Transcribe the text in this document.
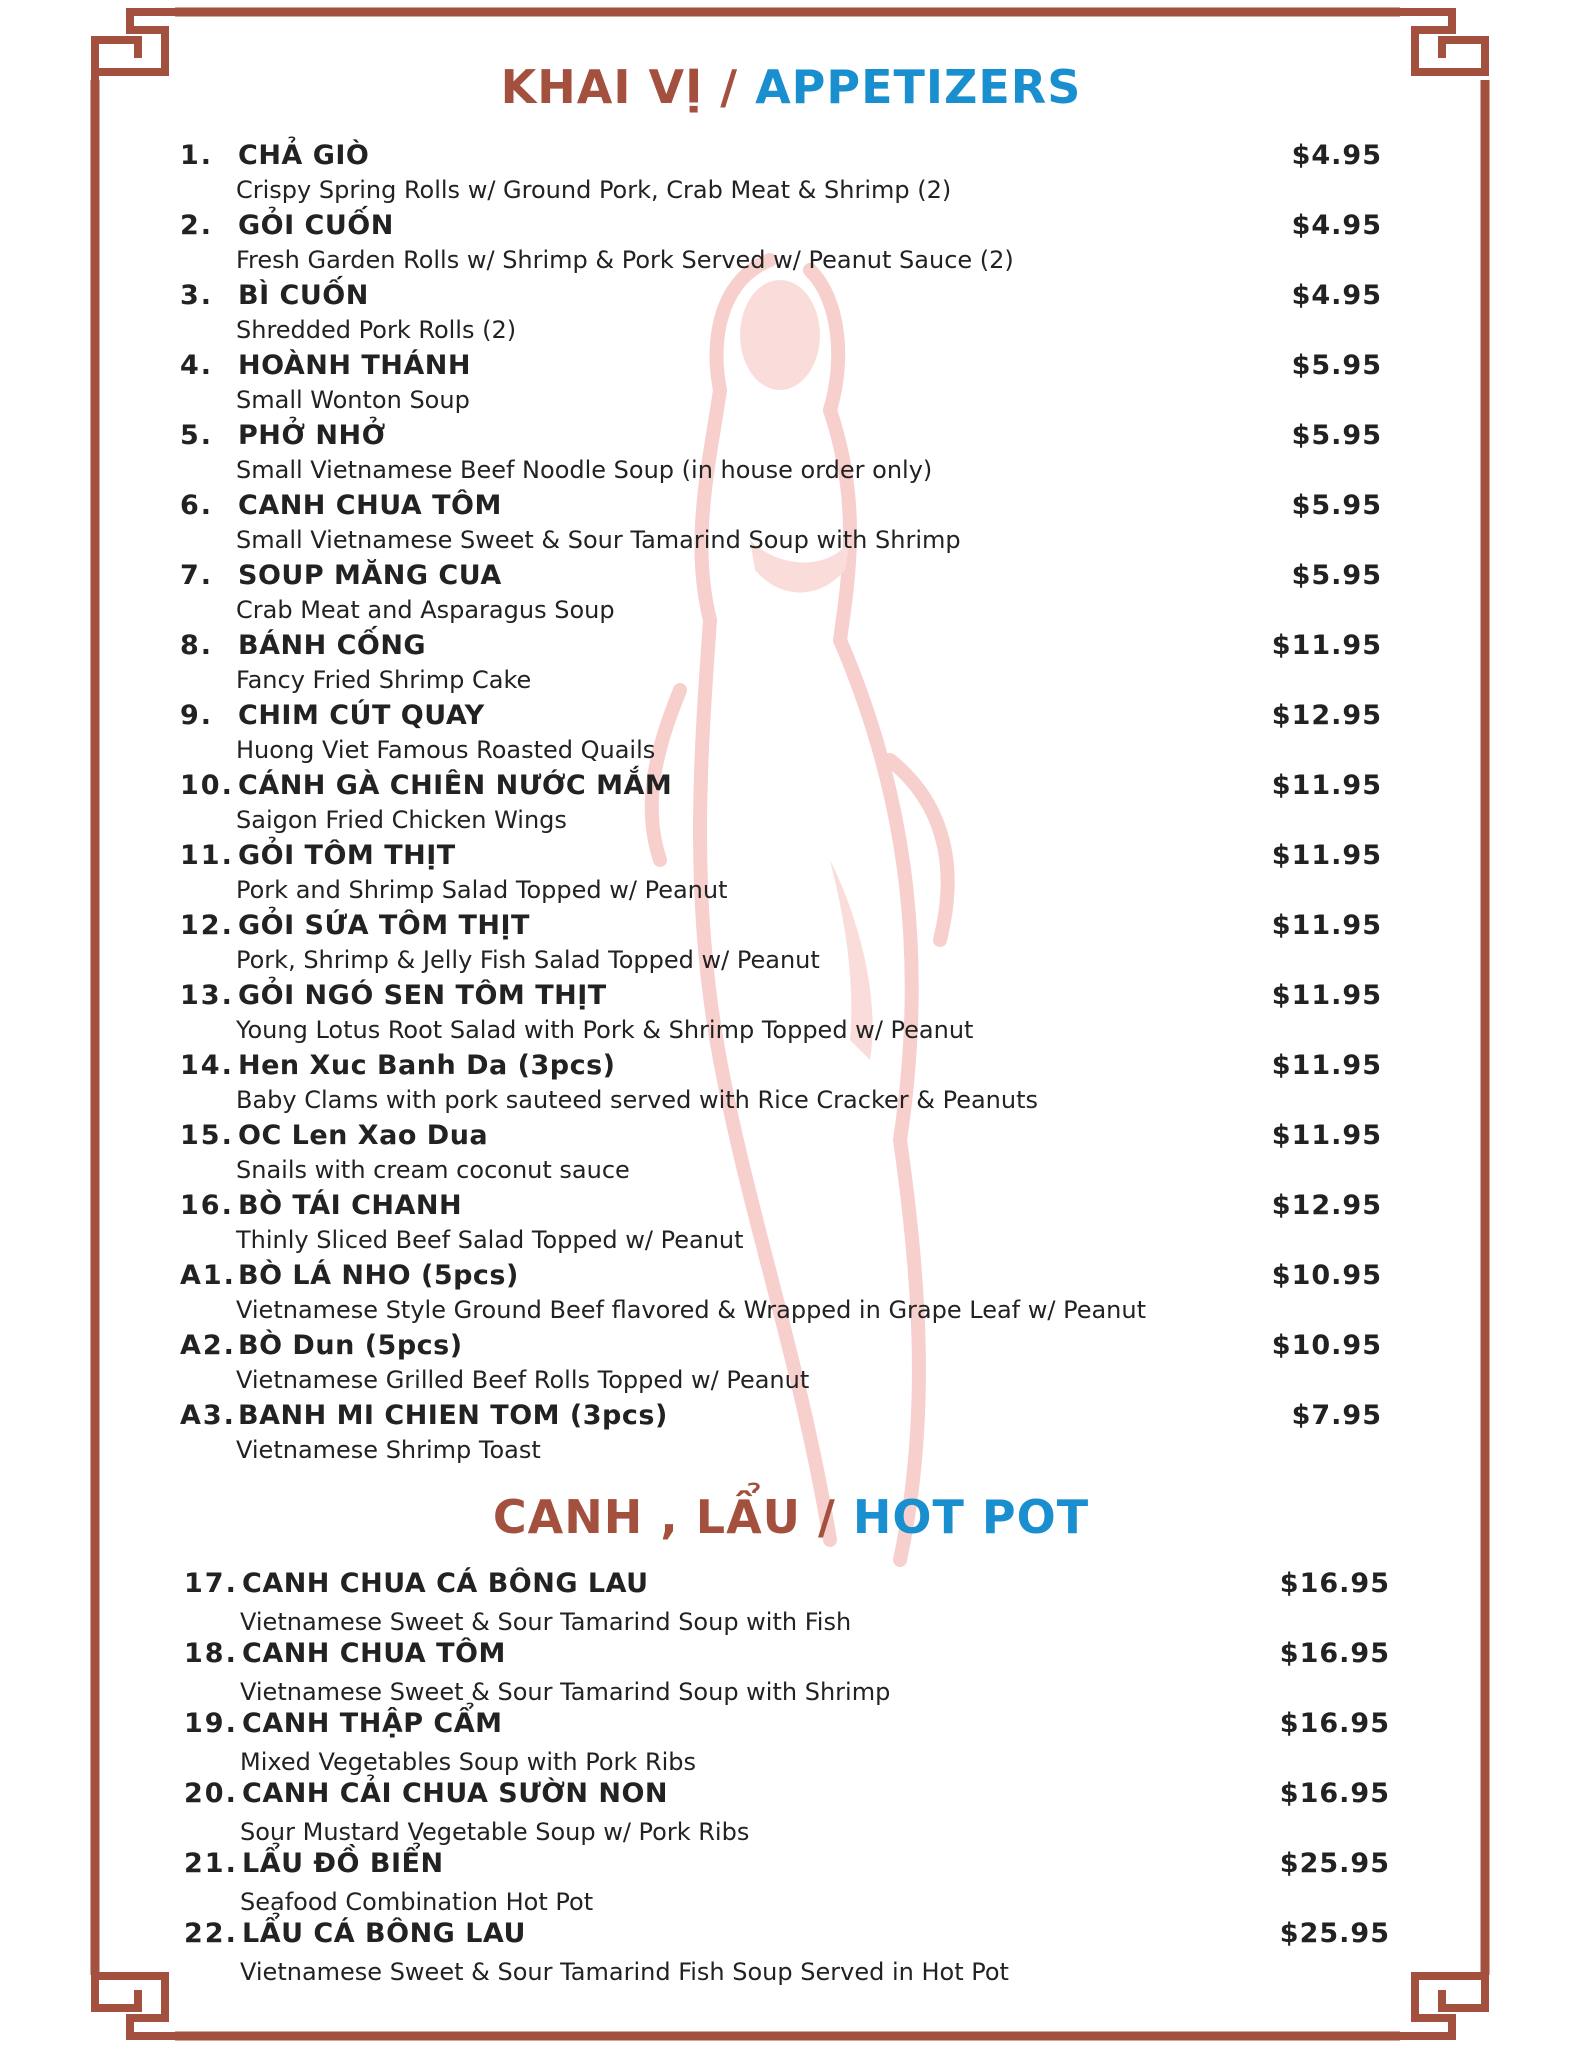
KHAI VỊ / APPETIZERS
1. CHẢ GIÒ
Crispy Spring Rolls w/ Ground Pork, Crab Meat & Shrimp (2)
$4.95
2. GỎI CUỐN
Fresh Garden Rolls w/ Shrimp & Pork Served w/ Peanut Sauce (2)
$4.95
3. BÌ CUỐN
Shredded Pork Rolls (2)
$4.95
4. HOÀNH THÁNH
Small Wonton Soup
$5.95
5. PHỞ NHỞ
Small Vietnamese Beef Noodle Soup (in house order only)
$5.95
6. CANH CHUA TÔM
Small Vietnamese Sweet & Sour Tamarind Soup with Shrimp
$5.95
7. SOUP MĂNG CUA
Crab Meat and Asparagus Soup
$5.95
8. BÁNH CỐNG
Fancy Fried Shrimp Cake
$11.95
9. CHIM CÚT QUAY
Huong Viet Famous Roasted Quails
$12.95
10. CÁNH GÀ CHIÊN NƯỚC MẮM
Saigon Fried Chicken Wings
$11.95
11. GỎI TÔM THỊT
Pork and Shrimp Salad Topped w/ Peanut
$11.95
12. GỎI SỨA TÔM THỊT
Pork, Shrimp & Jelly Fish Salad Topped w/ Peanut
$11.95
13. GỎI NGÓ SEN TÔM THỊT
Young Lotus Root Salad with Pork & Shrimp Topped w/ Peanut
$11.95
14. Hen Xuc Banh Da (3pcs)
Baby Clams with pork sauteed served with Rice Cracker & Peanuts
$11.95
15. OC Len Xao Dua
Snails with cream coconut sauce
$11.95
16. BÒ TÁI CHANH
Thinly Sliced Beef Salad Topped w/ Peanut
$12.95
A1. BÒ LÁ NHO (5pcs)
Vietnamese Style Ground Beef flavored & Wrapped in Grape Leaf w/ Peanut
$10.95
A2. BÒ Dun (5pcs)
Vietnamese Grilled Beef Rolls Topped w/ Peanut
$10.95
A3. BANH MI CHIEN TOM (3pcs)
Vietnamese Shrimp Toast
$7.95
CANH , LẨU / HOT POT
17. CANH CHUA CÁ BÔNG LAU
Vietnamese Sweet & Sour Tamarind Soup with Fish
$16.95
18. CANH CHUA TÔM
Vietnamese Sweet & Sour Tamarind Soup with Shrimp
$16.95
19. CANH THẬP CẨM
Mixed Vegetables Soup with Pork Ribs
$16.95
20. CANH CẢI CHUA SƯỜN NON
Sour Mustard Vegetable Soup w/ Pork Ribs
$16.95
21. LẨU ĐỒ BIỂN
Seafood Combination Hot Pot
$25.95
22. LẨU CÁ BÔNG LAU
Vietnamese Sweet & Sour Tamarind Fish Soup Served in Hot Pot
$25.95
